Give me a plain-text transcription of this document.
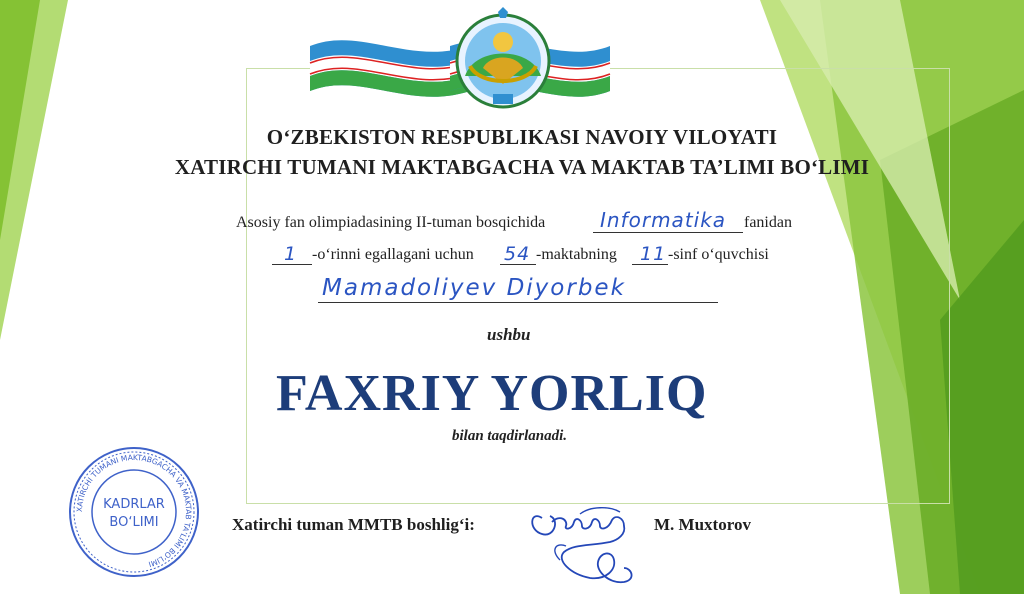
O‘ZBEKISTON RESPUBLIKASI NAVOIY VILOYATI
XATIRCHI TUMANI MAKTABGACHA VA MAKTAB TA’LIMI BO‘LIMI
Asosiy fan olimpiadasining II-tuman bosqichida	Informatika fanidan
1 -o‘rinni egallagani uchun 54 -maktabning 11 -sinf o‘quvchisi
Mamadoliyev Diyorbek
ushbu
FAXRIY YORLIQ
bilan taqdirlanadi.
Xatirchi tuman MMTB boshlig‘i:	M. Muxtorov
XATIRCHI TUMANI MAKTABGACHA VA MAKTAB TA’LIMI BO‘LIMI
KADRLAR
BO‘LIMI
